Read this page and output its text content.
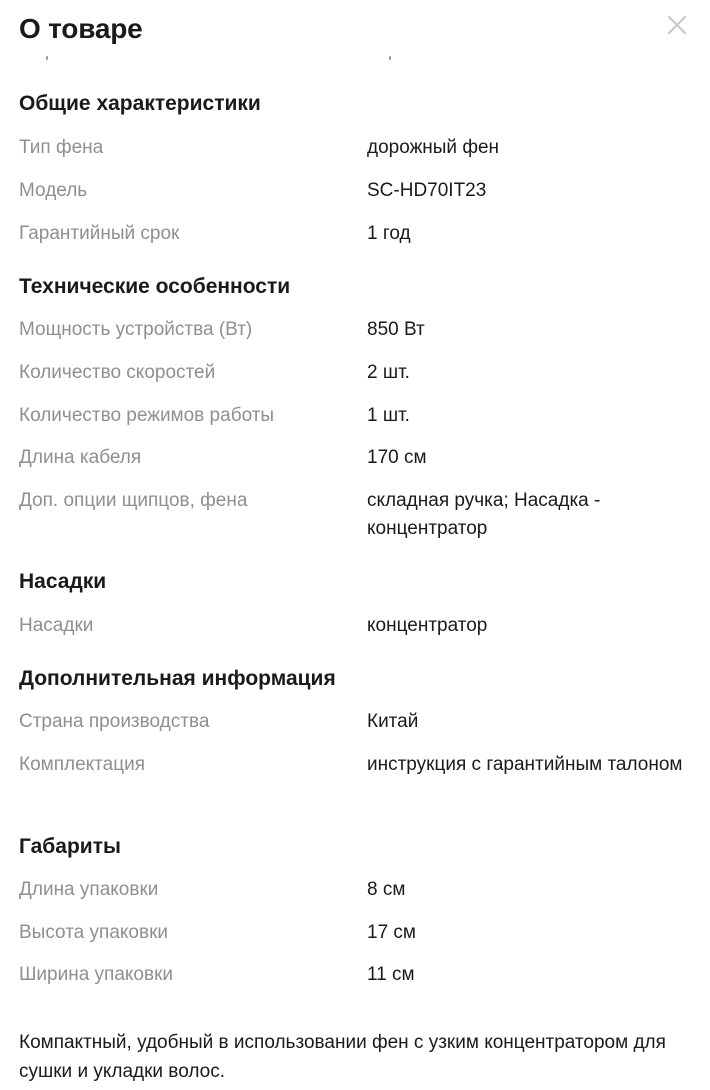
О товаре
Общие характеристики
Тип фена	дорожный фен
Модель	SC-HD70IT23
Гарантийный срок	1 год
Технические особенности
Мощность устройства (Вт)	850 Вт
Количество скоростей	2 шт.
Количество режимов работы	1 шт.
Длина кабеля	170 см
Доп. опции щипцов, фена	складная ручка; Насадка - концентратор
Насадки
Насадки	концентратор
Дополнительная информация
Страна производства	Китай
Комплектация	инструкция с гарантийным талоном
Габариты
Длина упаковки	8 см
Высота упаковки	17 см
Ширина упаковки	11 см
Компактный, удобный в использовании фен с узким концентратором для сушки и укладки волос.
